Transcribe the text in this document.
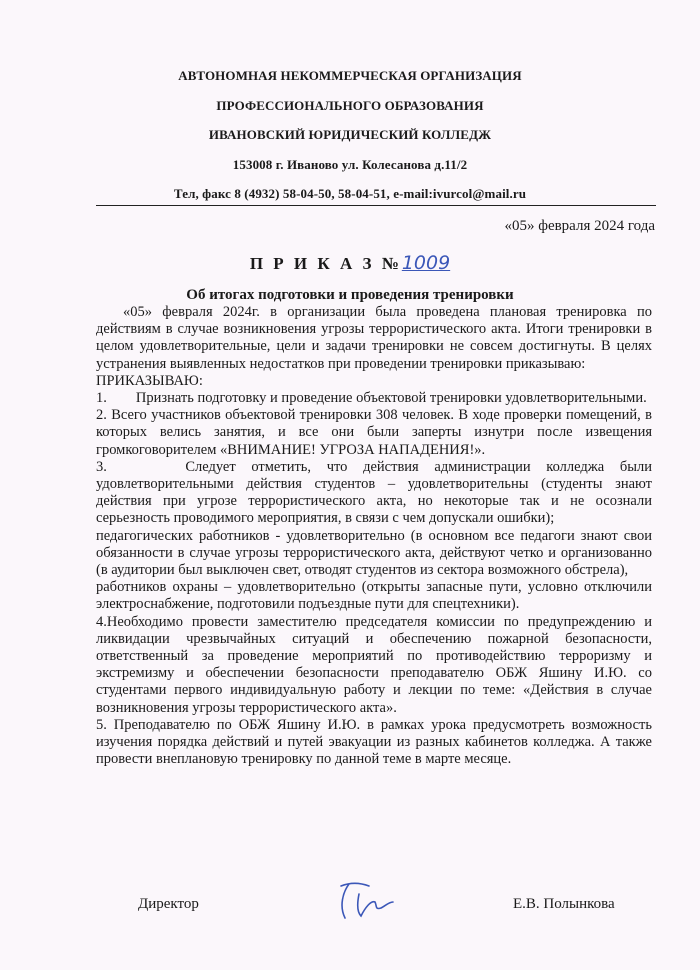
АВТОНОМНАЯ НЕКОММЕРЧЕСКАЯ ОРГАНИЗАЦИЯ
ПРОФЕССИОНАЛЬНОГО ОБРАЗОВАНИЯ
ИВАНОВСКИЙ ЮРИДИЧЕСКИЙ КОЛЛЕДЖ
153008 г. Иваново ул. Колесанова д.11/2
Тел, факс 8 (4932) 58-04-50, 58-04-51, e-mail:ivurcol@mail.ru
«05» февраля 2024 года
П Р И К А З №1009
Об итогах подготовки и проведения тренировки

«05» февраля 2024г. в организации была проведена плановая тренировка по действиям в случае возникновения угрозы террористического акта. Итоги тренировки в целом удовлетворительные, цели и задачи тренировки не совсем достигнуты. В целях устранения выявленных недостатков при проведении тренировки приказываю:

ПРИКАЗЫВАЮ:

1.        Признать подготовку и проведение объектовой тренировки удовлетворительными.

2. Всего участников объектовой тренировки 308 человек. В ходе проверки помещений, в которых велись занятия, и все они были заперты изнутри после извещения громкоговорителем «ВНИМАНИЕ! УГРОЗА НАПАДЕНИЯ!».

3.     Следует отметить, что действия администрации колледжа были удовлетворительными действия студентов – удовлетворительны (студенты знают действия при угрозе террористического акта, но некоторые так и не осознали серьезность проводимого мероприятия, в связи с чем допускали ошибки);

педагогических работников - удовлетворительно (в основном все педагоги знают свои обязанности в случае угрозы террористического акта, действуют четко и организованно (в аудитории был выключен свет, отводят студентов из сектора возможного обстрела),

работников охраны – удовлетворительно (открыты запасные пути, условно отключили электроснабжение, подготовили подъездные пути для спецтехники).

4.Необходимо провести заместителю председателя комиссии по предупреждению и ликвидации чрезвычайных ситуаций и обеспечению пожарной безопасности, ответственный за проведение мероприятий по противодействию терроризму и экстремизму и обеспечении безопасности преподавателю ОБЖ Яшину И.Ю. со студентами первого индивидуальную работу и лекции по теме: «Действия в случае возникновения угрозы террористического акта».

5. Преподавателю по ОБЖ Яшину И.Ю. в рамках урока предусмотреть возможность изучения порядка действий и путей эвакуации из разных кабинетов колледжа. А также провести внеплановую тренировку по данной теме в марте месяце.

Директор	Е.В. Полынкова
